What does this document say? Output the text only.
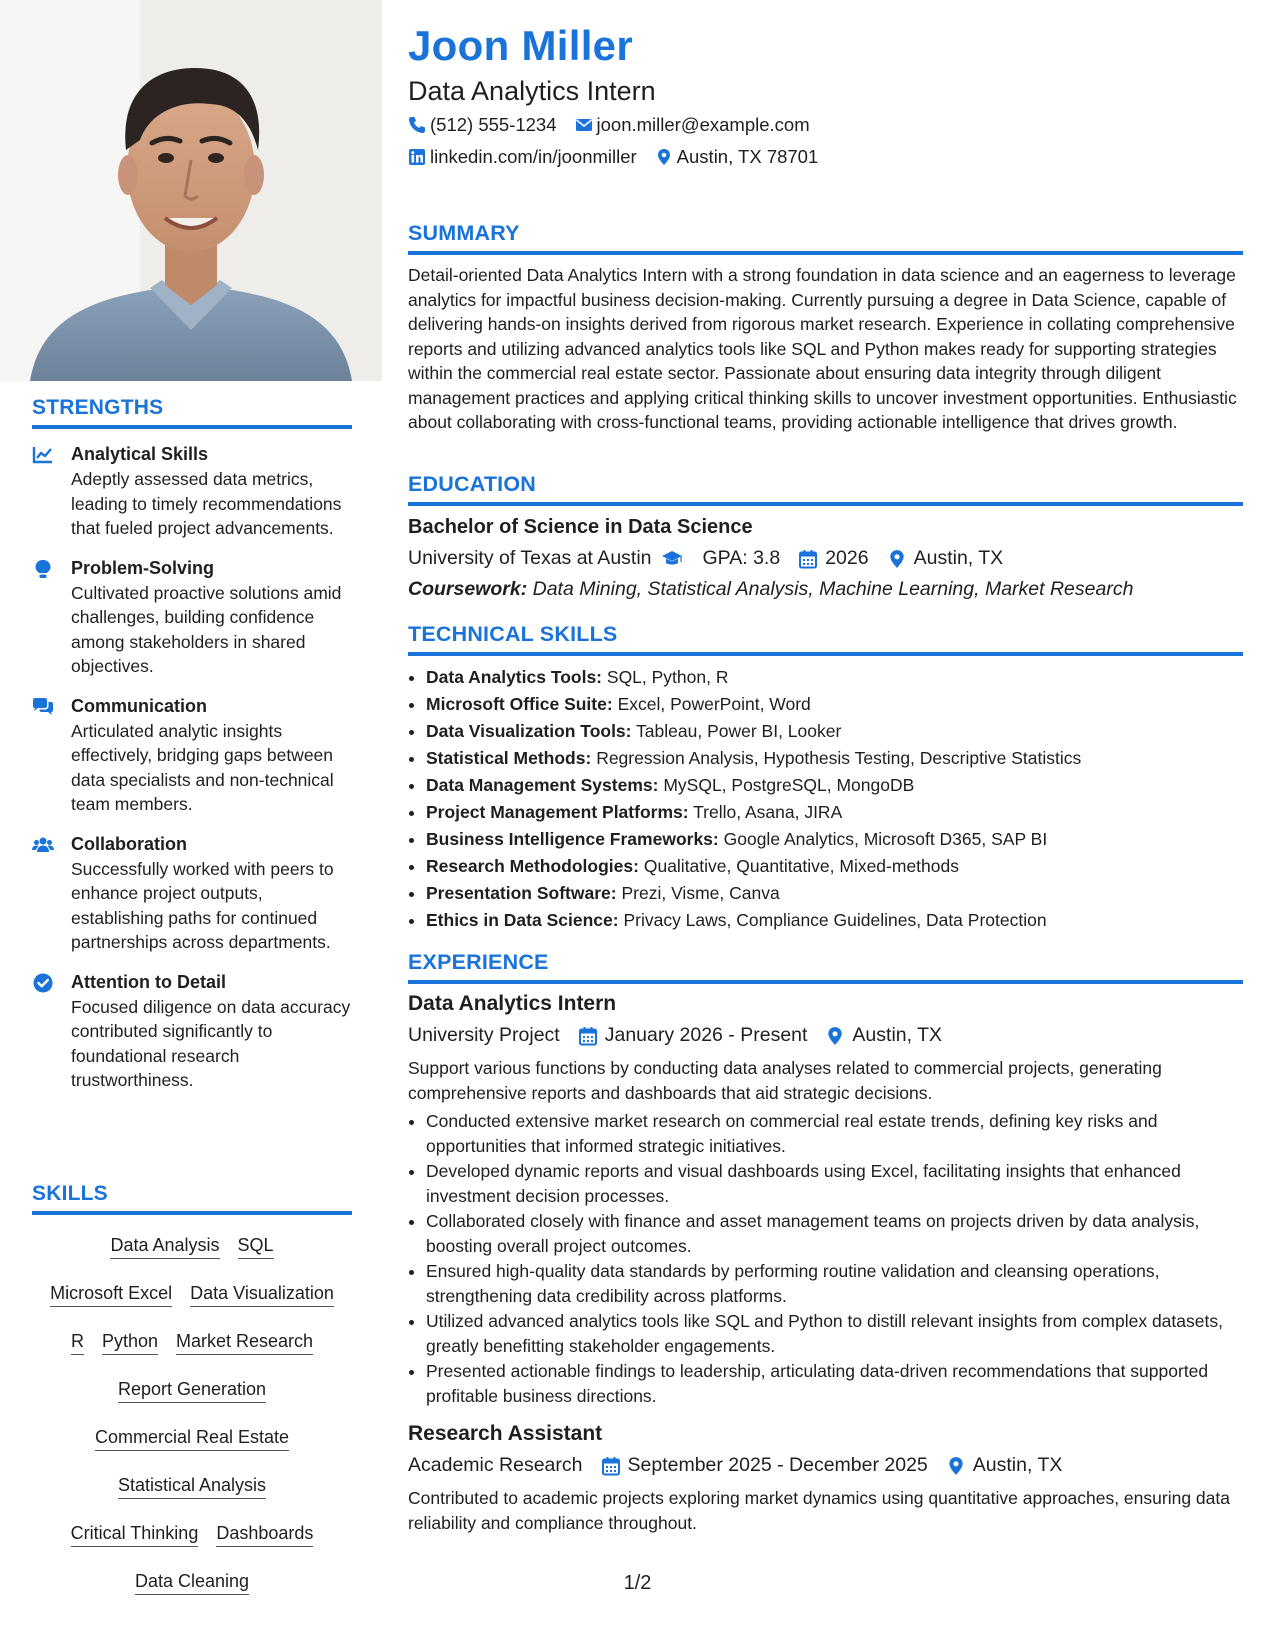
STRENGTHS
Analytical Skills
Adeptly assessed data metrics, leading to timely recommendations that fueled project advancements.
Problem-Solving
Cultivated proactive solutions amid challenges, building confidence among stakeholders in shared objectives.
Communication
Articulated analytic insights effectively, bridging gaps between data specialists and non-technical team members.
Collaboration
Successfully worked with peers to enhance project outputs, establishing paths for continued partnerships across departments.
Attention to Detail
Focused diligence on data accuracy contributed significantly to foundational research trustworthiness.
SKILLS
Data Analysis SQL
Microsoft Excel Data Visualization
R Python Market Research
Report Generation
Commercial Real Estate
Statistical Analysis
Critical Thinking Dashboards
Data Cleaning
Joon Miller
Data Analytics Intern
(512) 555-1234 joon.miller@example.com
linkedin.com/in/joonmiller Austin, TX 78701
SUMMARY
Detail-oriented Data Analytics Intern with a strong foundation in data science and an eagerness to leverage analytics for impactful business decision-making. Currently pursuing a degree in Data Science, capable of delivering hands-on insights derived from rigorous market research. Experience in collating comprehensive reports and utilizing advanced analytics tools like SQL and Python makes ready for supporting strategies within the commercial real estate sector. Passionate about ensuring data integrity through diligent management practices and applying critical thinking skills to uncover investment opportunities. Enthusiastic about collaborating with cross-functional teams, providing actionable intelligence that drives growth.
EDUCATION
Bachelor of Science in Data Science
University of Texas at Austin	GPA: 3.8 2026 Austin, TX
Coursework: Data Mining, Statistical Analysis, Machine Learning, Market Research
TECHNICAL SKILLS
• Data Analytics Tools: SQL, Python, R
• Microsoft Office Suite: Excel, PowerPoint, Word
• Data Visualization Tools: Tableau, Power BI, Looker
• Statistical Methods: Regression Analysis, Hypothesis Testing, Descriptive Statistics
• Data Management Systems: MySQL, PostgreSQL, MongoDB
• Project Management Platforms: Trello, Asana, JIRA
• Business Intelligence Frameworks: Google Analytics, Microsoft D365, SAP BI
• Research Methodologies: Qualitative, Quantitative, Mixed-methods
• Presentation Software: Prezi, Visme, Canva
• Ethics in Data Science: Privacy Laws, Compliance Guidelines, Data Protection
EXPERIENCE
Data Analytics Intern
University Project January 2026 - Present Austin, TX
Support various functions by conducting data analyses related to commercial projects, generating comprehensive reports and dashboards that aid strategic decisions.
• Conducted extensive market research on commercial real estate trends, defining key risks and opportunities that informed strategic initiatives.
• Developed dynamic reports and visual dashboards using Excel, facilitating insights that enhanced investment decision processes.
• Collaborated closely with finance and asset management teams on projects driven by data analysis, boosting overall project outcomes.
• Ensured high-quality data standards by performing routine validation and cleansing operations, strengthening data credibility across platforms.
• Utilized advanced analytics tools like SQL and Python to distill relevant insights from complex datasets, greatly benefitting stakeholder engagements.
• Presented actionable findings to leadership, articulating data-driven recommendations that supported profitable business directions.
Research Assistant
Academic Research September 2025 - December 2025 Austin, TX
Contributed to academic projects exploring market dynamics using quantitative approaches, ensuring data reliability and compliance throughout.
1/2
